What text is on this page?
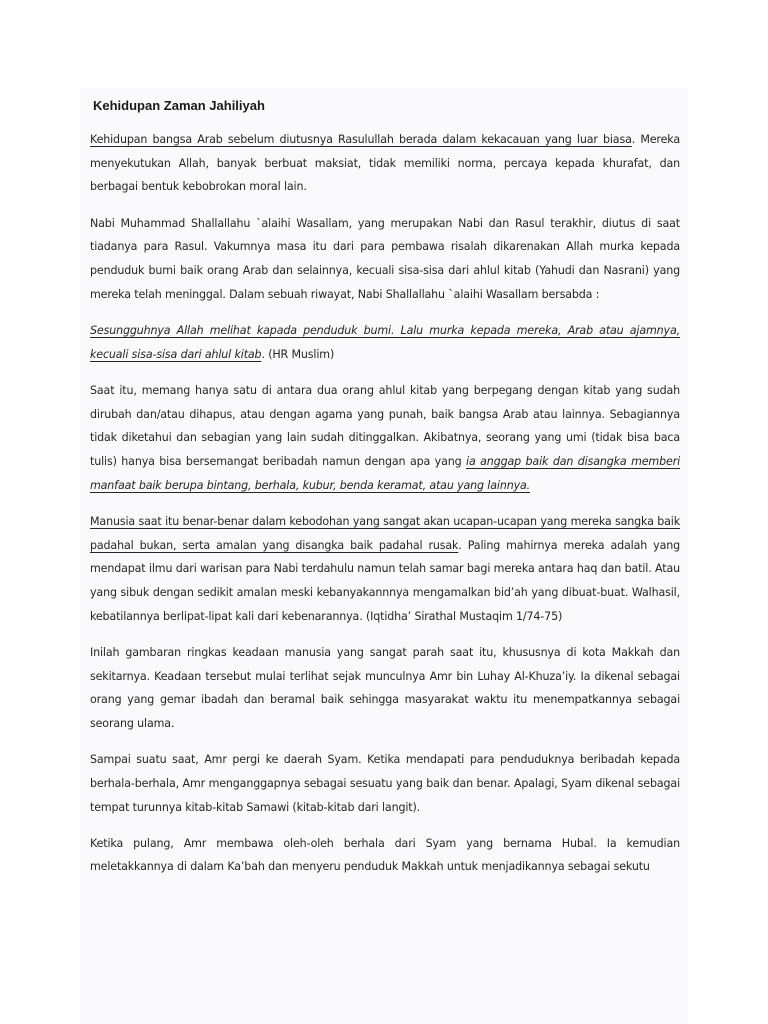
Kehidupan Zaman Jahiliyah

Kehidupan bangsa Arab sebelum diutusnya Rasulullah berada dalam kekacauan yang luar biasa. Mereka menyekutukan Allah, banyak berbuat maksiat, tidak memiliki norma, percaya kepada khurafat, dan berbagai bentuk kebobrokan moral lain.

Nabi Muhammad Shallallahu `alaihi Wasallam, yang merupakan Nabi dan Rasul terakhir, diutus di saat tiadanya para Rasul. Vakumnya masa itu dari para pembawa risalah dikarenakan Allah murka kepada penduduk bumi baik orang Arab dan selainnya, kecuali sisa-sisa dari ahlul kitab (Yahudi dan Nasrani) yang mereka telah meninggal. Dalam sebuah riwayat, Nabi Shallallahu `alaihi Wasallam bersabda :

Sesungguhnya Allah melihat kapada penduduk bumi. Lalu murka kepada mereka, Arab atau ajamnya, kecuali sisa-sisa dari ahlul kitab. (HR Muslim)

Saat itu, memang hanya satu di antara dua orang ahlul kitab yang berpegang dengan kitab yang sudah dirubah dan/atau dihapus, atau dengan agama yang punah, baik bangsa Arab atau lainnya. Sebagiannya tidak diketahui dan sebagian yang lain sudah ditinggalkan. Akibatnya, seorang yang umi (tidak bisa baca tulis) hanya bisa bersemangat beribadah namun dengan apa yang ia anggap baik dan disangka memberi manfaat baik berupa bintang, berhala, kubur, benda keramat, atau yang lainnya.

Manusia saat itu benar-benar dalam kebodohan yang sangat akan ucapan-ucapan yang mereka sangka baik padahal bukan, serta amalan yang disangka baik padahal rusak. Paling mahirnya mereka adalah yang mendapat ilmu dari warisan para Nabi terdahulu namun telah samar bagi mereka antara haq dan batil. Atau yang sibuk dengan sedikit amalan meski kebanyakannnya mengamalkan bid’ah yang dibuat-buat. Walhasil, kebatilannya berlipat-lipat kali dari kebenarannya. (Iqtidha’ Sirathal Mustaqim 1/74-75)

Inilah gambaran ringkas keadaan manusia yang sangat parah saat itu, khususnya di kota Makkah dan sekitarnya. Keadaan tersebut mulai terlihat sejak munculnya Amr bin Luhay Al-Khuza’iy. Ia dikenal sebagai orang yang gemar ibadah dan beramal baik sehingga masyarakat waktu itu menempatkannya sebagai seorang ulama.

Sampai suatu saat, Amr pergi ke daerah Syam. Ketika mendapati para penduduknya beribadah kepada berhala-berhala, Amr menganggapnya sebagai sesuatu yang baik dan benar. Apalagi, Syam dikenal sebagai tempat turunnya kitab-kitab Samawi (kitab-kitab dari langit).

Ketika pulang, Amr membawa oleh-oleh berhala dari Syam yang bernama Hubal. Ia kemudian meletakkannya di dalam Ka’bah dan menyeru penduduk Makkah untuk menjadikannya sebagai sekutu
